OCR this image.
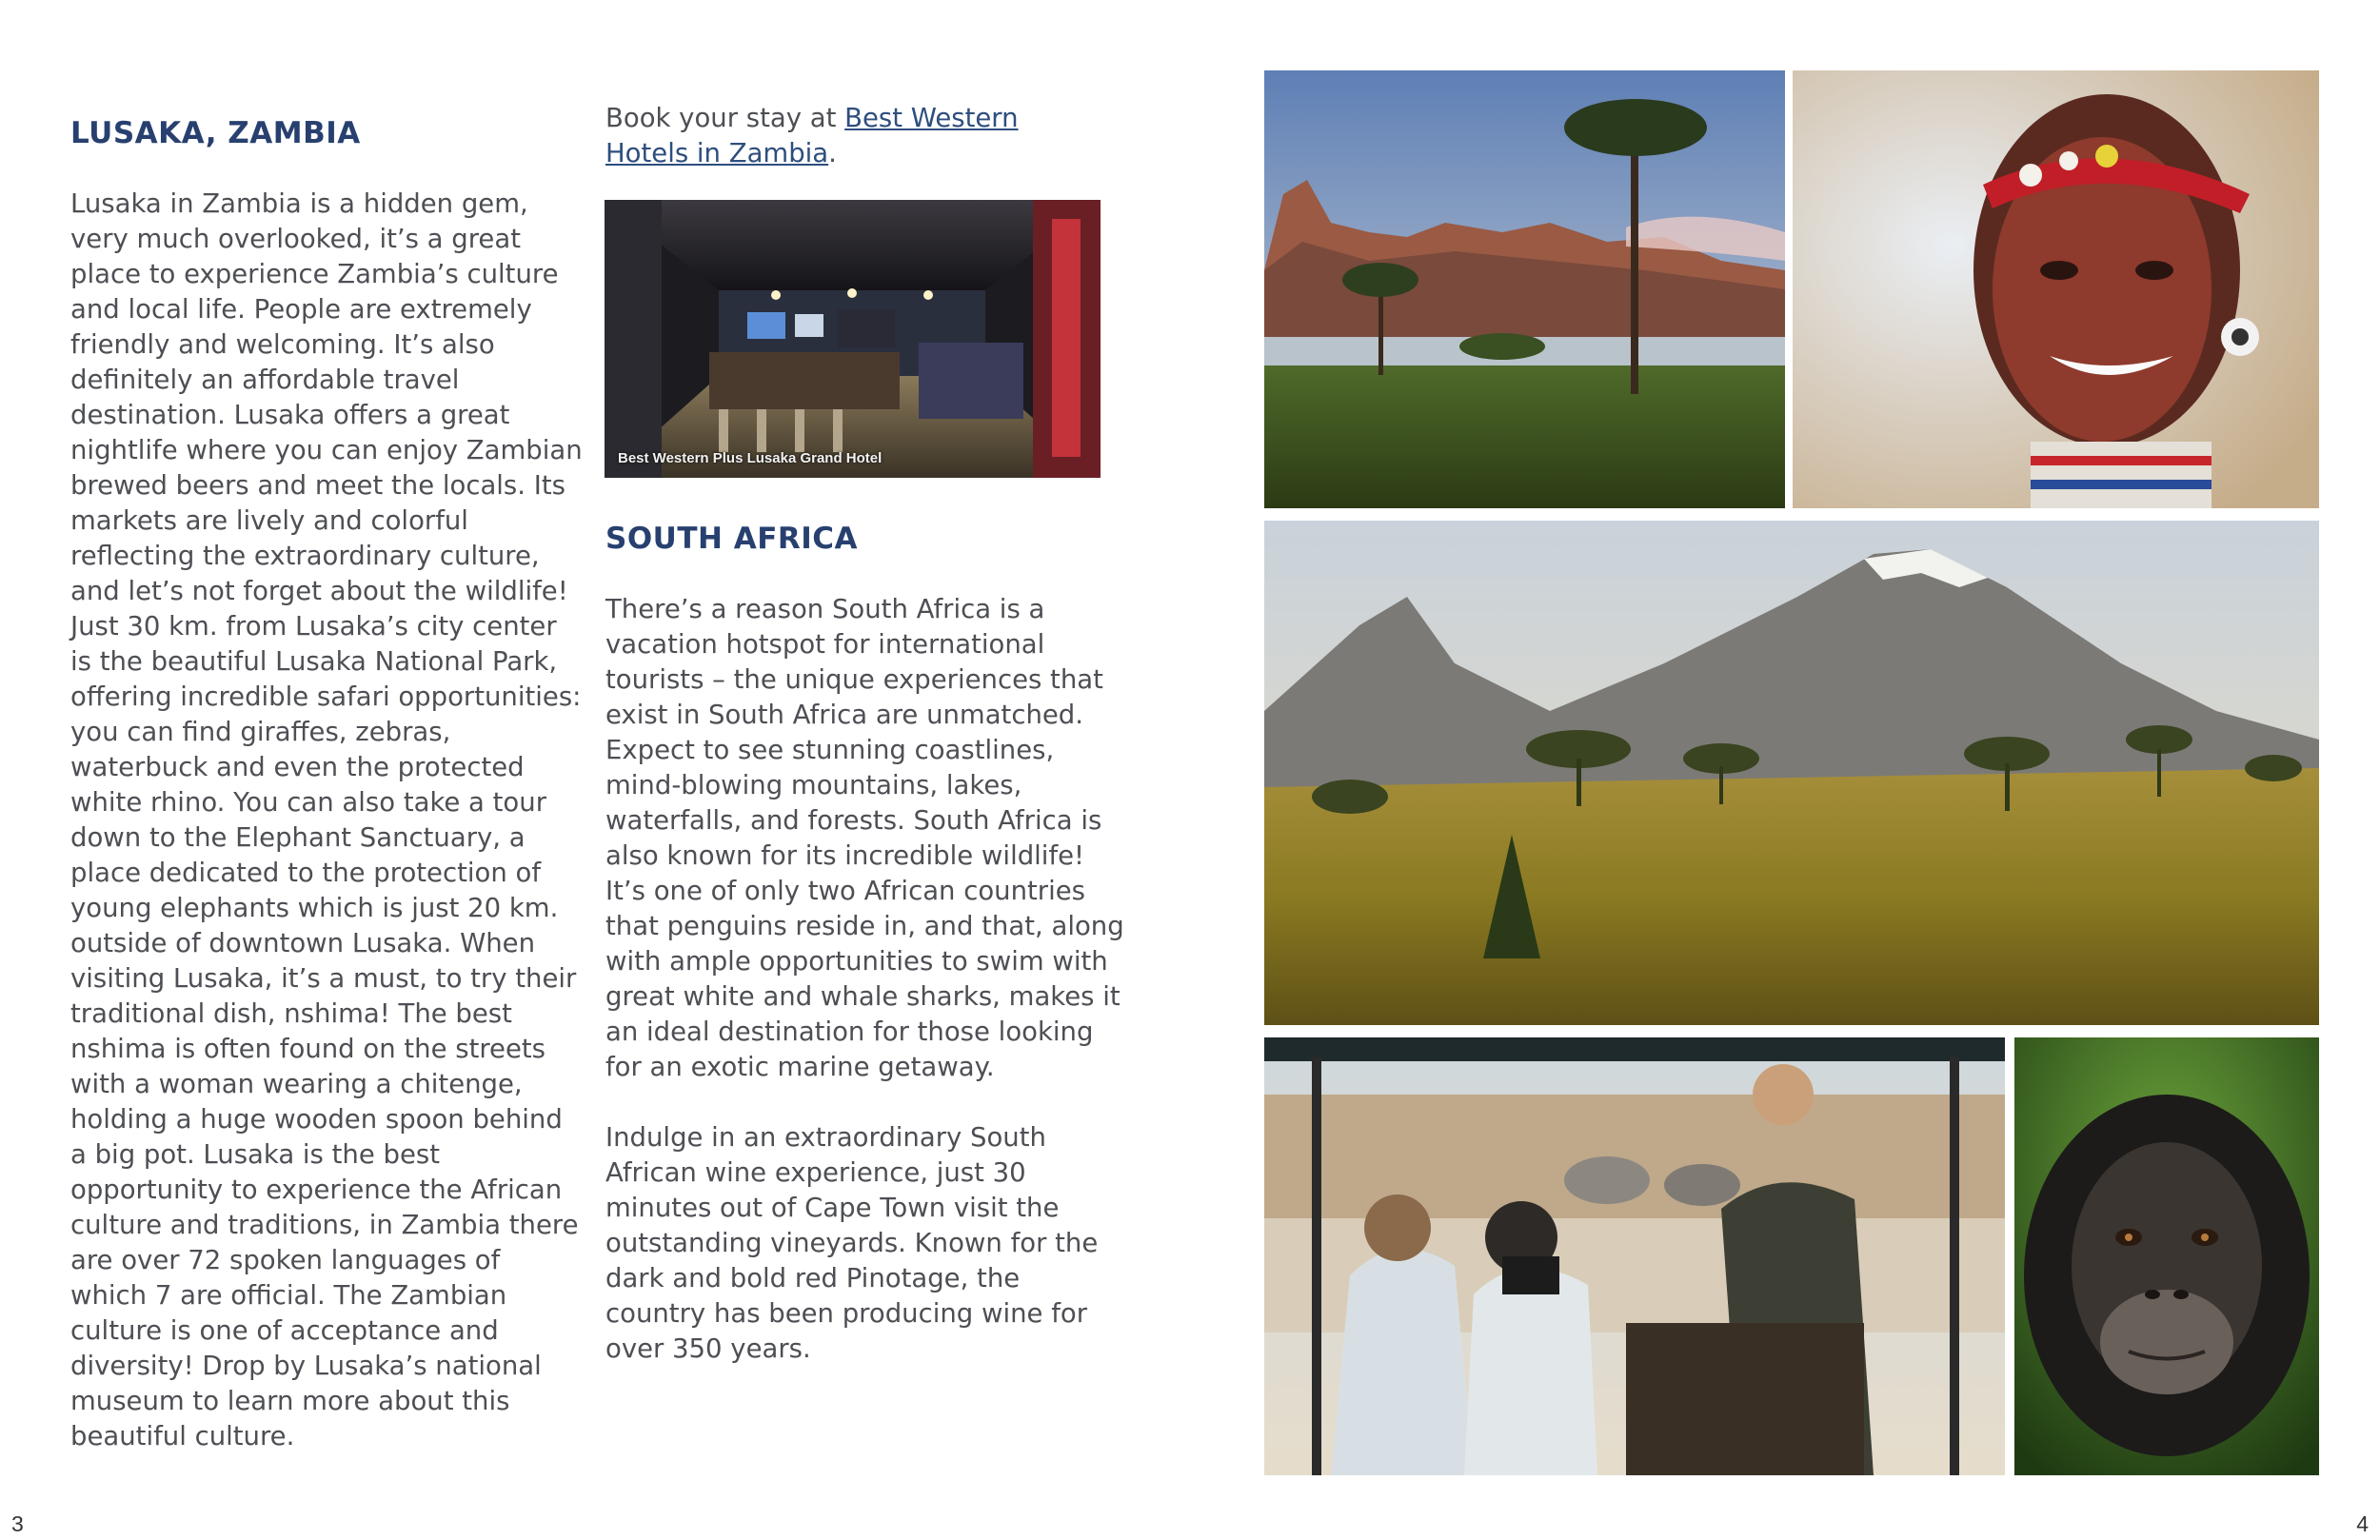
LUSAKA, ZAMBIA

Lusaka in Zambia is a hidden gem, very much overlooked, it’s a great place to experience Zambia’s culture and local life. People are extremely friendly and welcoming. It’s also definitely an affordable travel destination. Lusaka offers a great nightlife where you can enjoy Zambian brewed beers and meet the locals. Its markets are lively and colorful reflecting the extraordinary culture, and let’s not forget about the wildlife! Just 30 km. from Lusaka’s city center is the beautiful Lusaka National Park, offering incredible safari opportunities: you can find giraffes, zebras, waterbuck and even the protected white rhino. You can also take a tour down to the Elephant Sanctuary, a place dedicated to the protection of young elephants which is just 20 km. outside of downtown Lusaka. When visiting Lusaka, it’s a must, to try their traditional dish, nshima! The best nshima is often found on the streets with a woman wearing a chitenge, holding a huge wooden spoon behind a big pot. Lusaka is the best opportunity to experience the African culture and traditions, in Zambia there are over 72 spoken languages of which 7 are official. The Zambian culture is one of acceptance and diversity! Drop by Lusaka’s national museum to learn more about this beautiful culture.

Book your stay at Best Western Hotels in Zambia.

Best Western Plus Lusaka Grand Hotel
SOUTH AFRICA

There’s a reason South Africa is a vacation hotspot for international tourists – the unique experiences that exist in South Africa are unmatched. Expect to see stunning coastlines, mind-blowing mountains, lakes, waterfalls, and forests. South Africa is also known for its incredible wildlife! It’s one of only two African countries that penguins reside in, and that, along with ample opportunities to swim with great white and whale sharks, makes it an ideal destination for those looking for an exotic marine getaway.

Indulge in an extraordinary South African wine experience, just 30 minutes out of Cape Town visit the outstanding vineyards. Known for the dark and bold red Pinotage, the country has been producing wine for over 350 years.

3	4
